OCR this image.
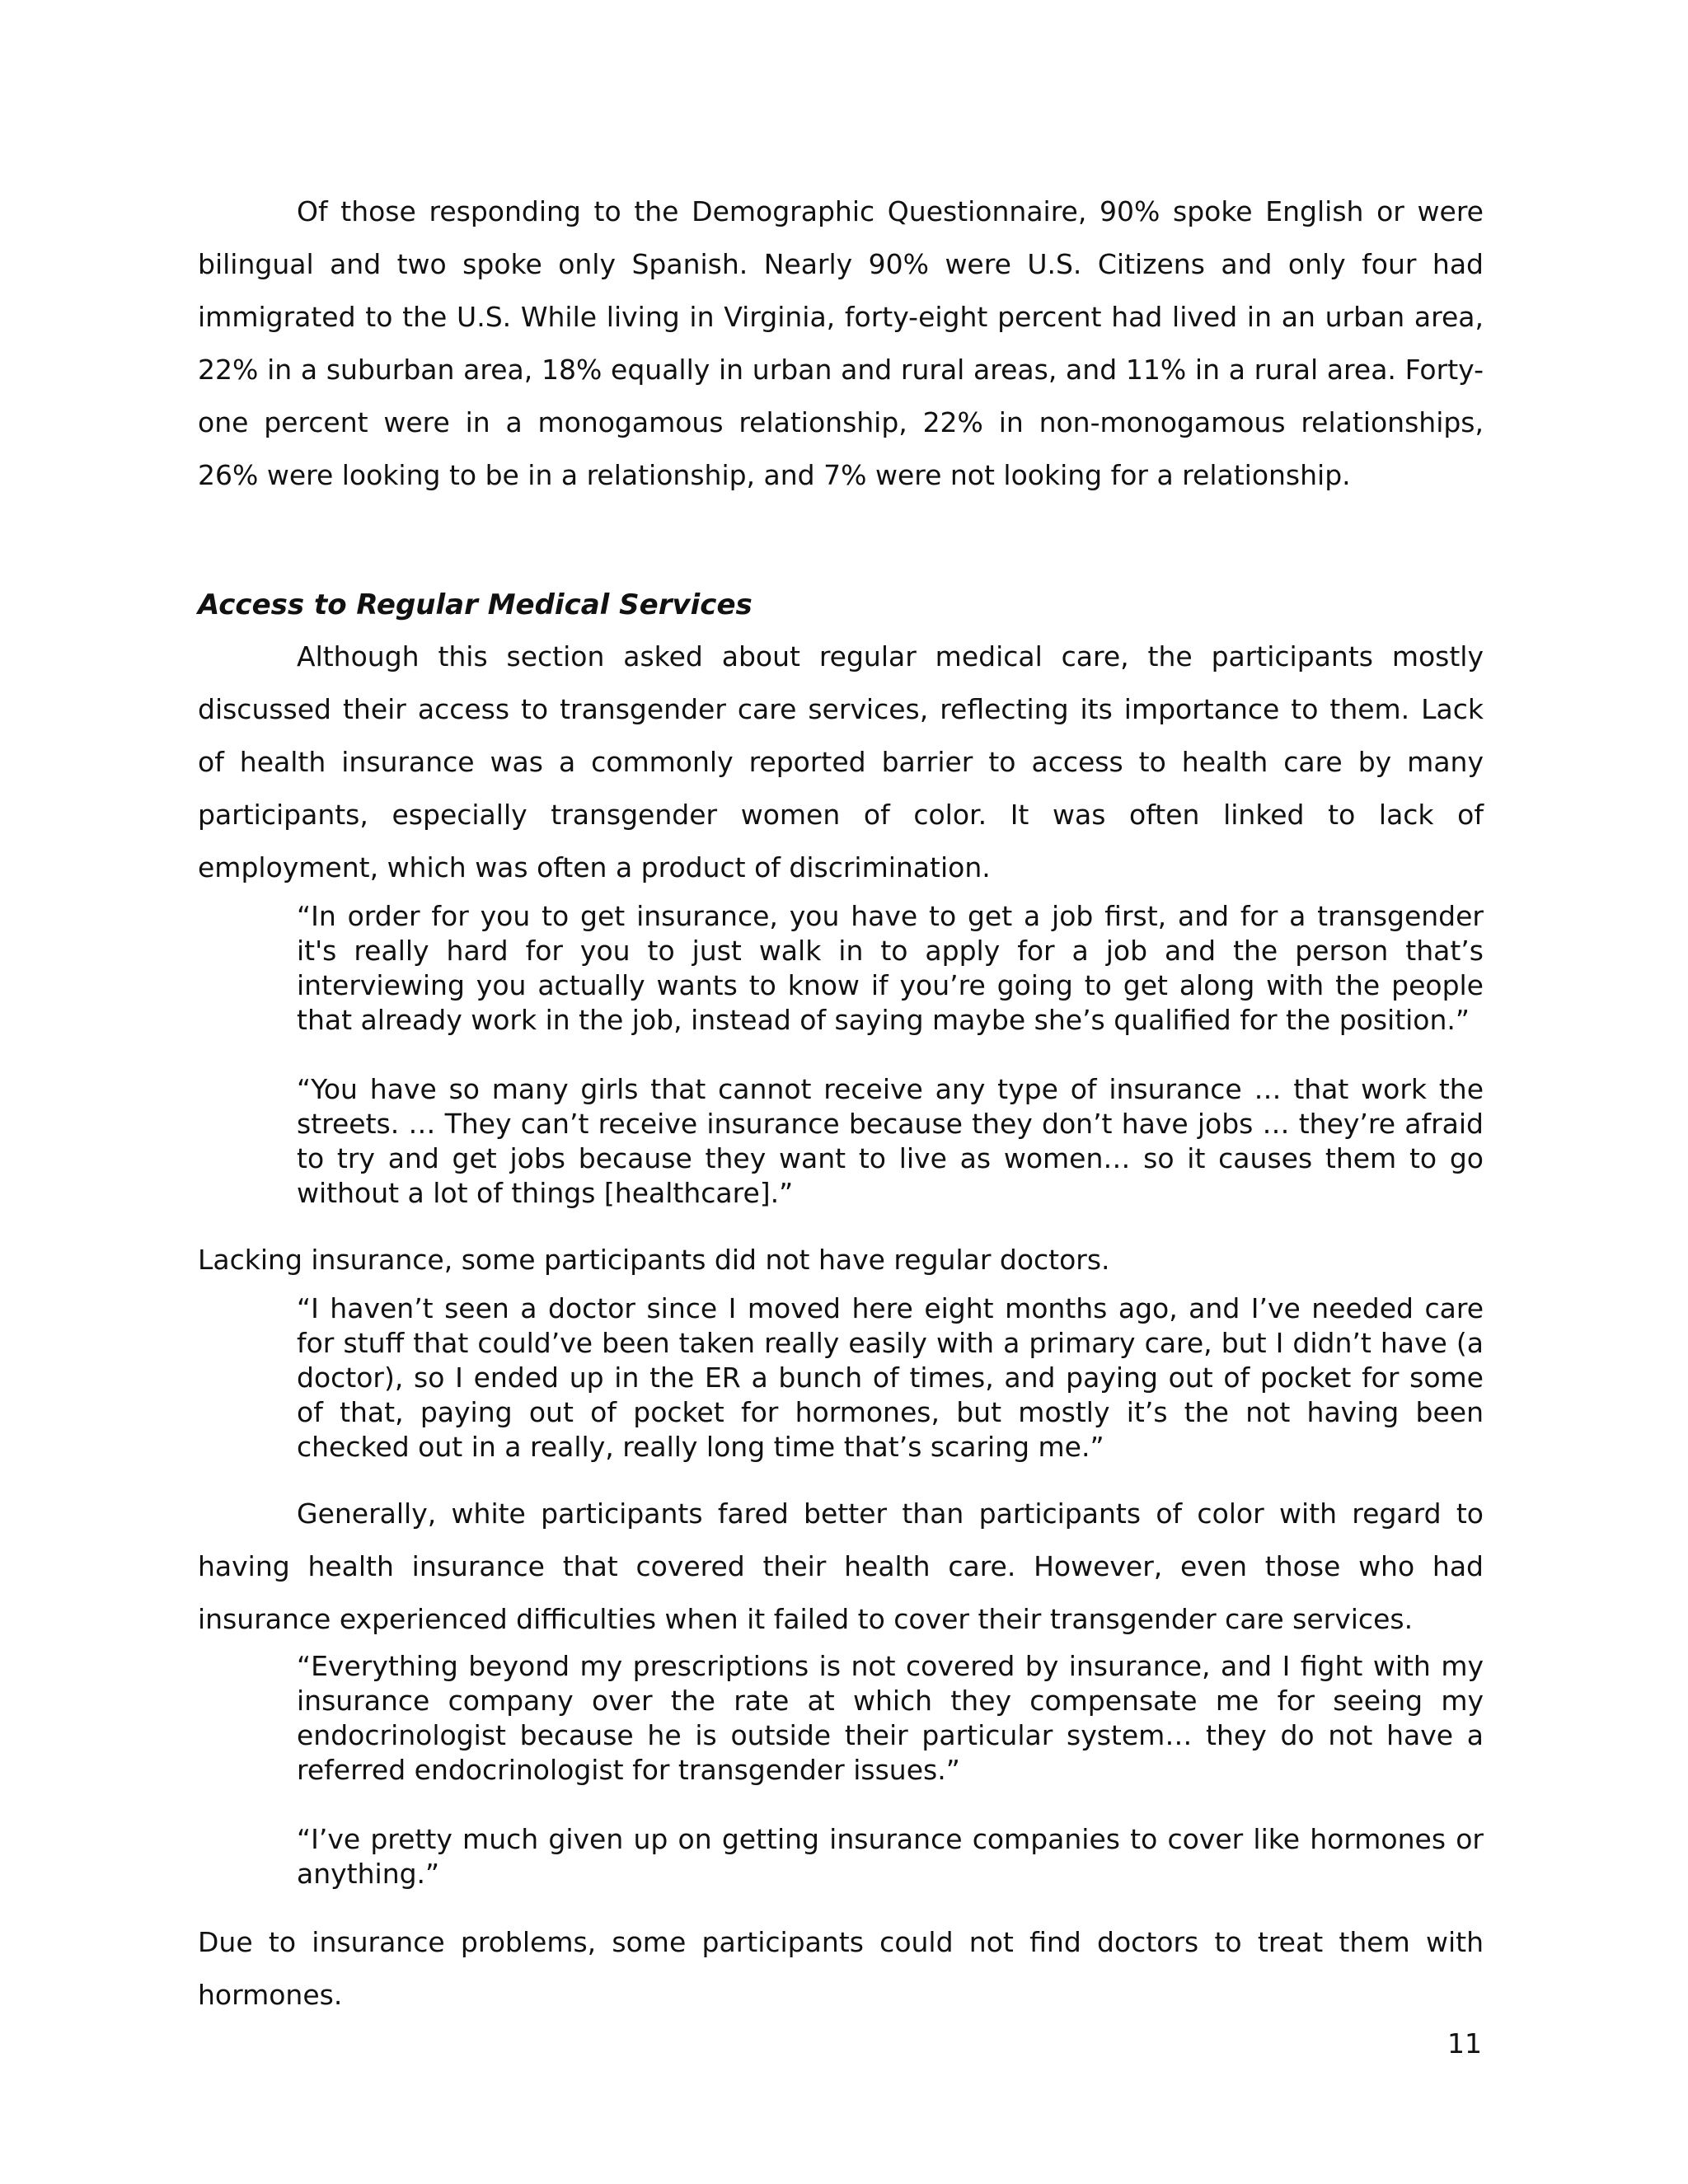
Of those responding to the Demographic Questionnaire, 90% spoke English or were bilingual and two spoke only Spanish. Nearly 90% were U.S. Citizens and only four had immigrated to the U.S. While living in Virginia, forty-eight percent had lived in an urban area, 22% in a suburban area, 18% equally in urban and rural areas, and 11% in a rural area. Forty-one percent were in a monogamous relationship, 22% in non-monogamous relationships, 26% were looking to be in a relationship, and 7% were not looking for a relationship.

Access to Regular Medical Services

Although this section asked about regular medical care, the participants mostly discussed their access to transgender care services, reflecting its importance to them. Lack of health insurance was a commonly reported barrier to access to health care by many participants, especially transgender women of color. It was often linked to lack of employment, which was often a product of discrimination.

“In order for you to get insurance, you have to get a job first, and for a transgender it's really hard for you to just walk in to apply for a job and the person that’s interviewing you actually wants to know if you’re going to get along with the people that already work in the job, instead of saying maybe she’s qualified for the position.”

“You have so many girls that cannot receive any type of insurance … that work the streets. … They can’t receive insurance because they don’t have jobs … they’re afraid to try and get jobs because they want to live as women… so it causes them to go without a lot of things [healthcare].”

Lacking insurance, some participants did not have regular doctors.

“I haven’t seen a doctor since I moved here eight months ago, and I’ve needed care for stuff that could’ve been taken really easily with a primary care, but I didn’t have (a doctor), so I ended up in the ER a bunch of times, and paying out of pocket for some of that, paying out of pocket for hormones, but mostly it’s the not having been checked out in a really, really long time that’s scaring me.”

Generally, white participants fared better than participants of color with regard to having health insurance that covered their health care. However, even those who had insurance experienced difficulties when it failed to cover their transgender care services.

“Everything beyond my prescriptions is not covered by insurance, and I fight with my insurance company over the rate at which they compensate me for seeing my endocrinologist because he is outside their particular system… they do not have a referred endocrinologist for transgender issues.”

“I’ve pretty much given up on getting insurance companies to cover like hormones or anything.”

Due to insurance problems, some participants could not find doctors to treat them with hormones.

11
